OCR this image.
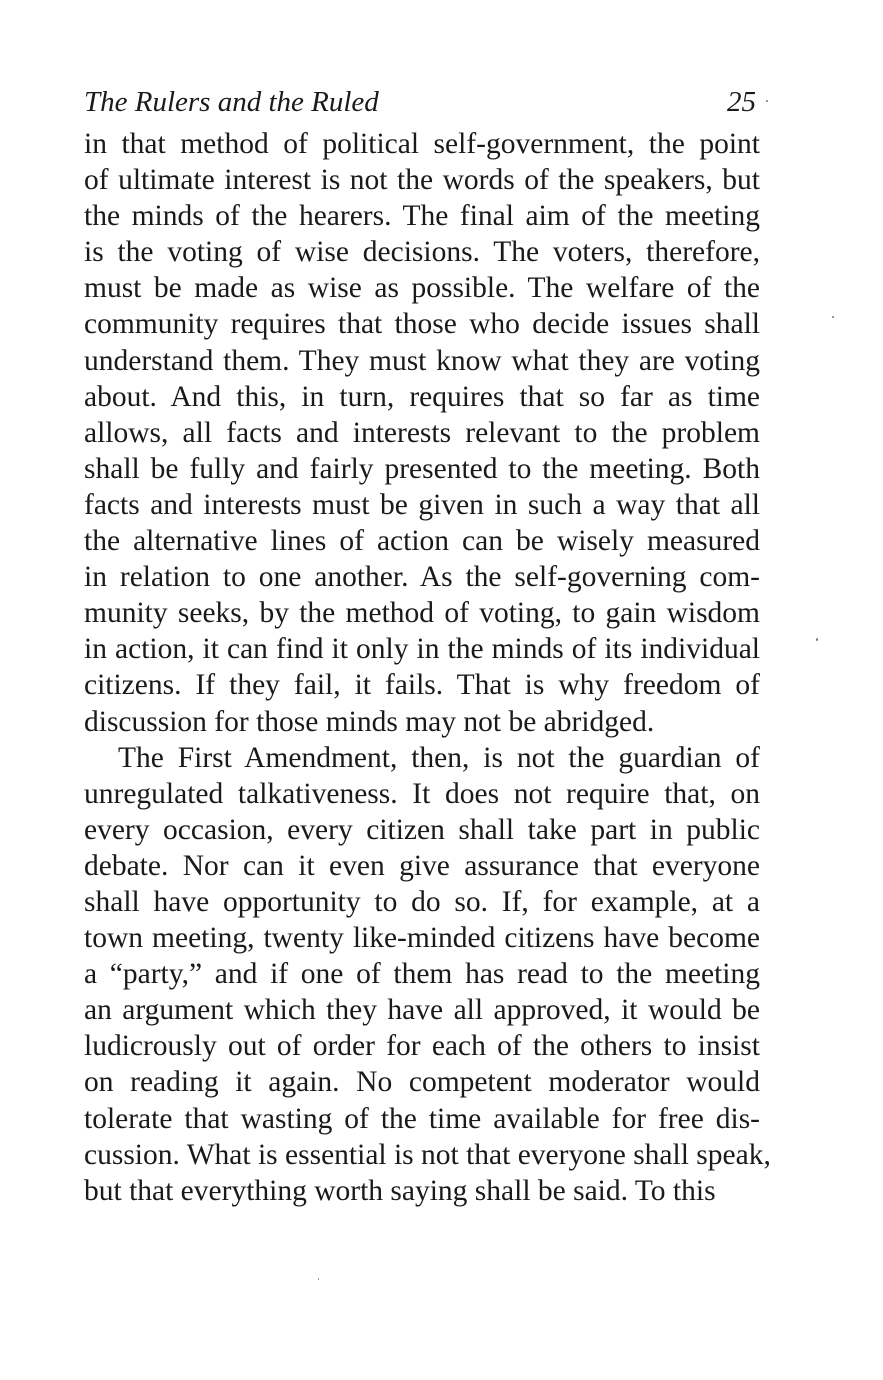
The Rulers and the Ruled	25
in that method of political self-government, the point
of ultimate interest is not the words of the speakers, but
the minds of the hearers. The final aim of the meeting
is the voting of wise decisions. The voters, therefore,
must be made as wise as possible. The welfare of the
community requires that those who decide issues shall
understand them. They must know what they are voting
about. And this, in turn, requires that so far as time
allows, all facts and interests relevant to the problem
shall be fully and fairly presented to the meeting. Both
facts and interests must be given in such a way that all
the alternative lines of action can be wisely measured
in relation to one another. As the self-governing com-
munity seeks, by the method of voting, to gain wisdom
in action, it can find it only in the minds of its individual
citizens. If they fail, it fails. That is why freedom of
discussion for those minds may not be abridged.
The First Amendment, then, is not the guardian of
unregulated talkativeness. It does not require that, on
every occasion, every citizen shall take part in public
debate. Nor can it even give assurance that everyone
shall have opportunity to do so. If, for example, at a
town meeting, twenty like-minded citizens have become
a “party,” and if one of them has read to the meeting
an argument which they have all approved, it would be
ludicrously out of order for each of the others to insist
on reading it again. No competent moderator would
tolerate that wasting of the time available for free dis-
cussion. What is essential is not that everyone shall speak,
but that everything worth saying shall be said. To this
